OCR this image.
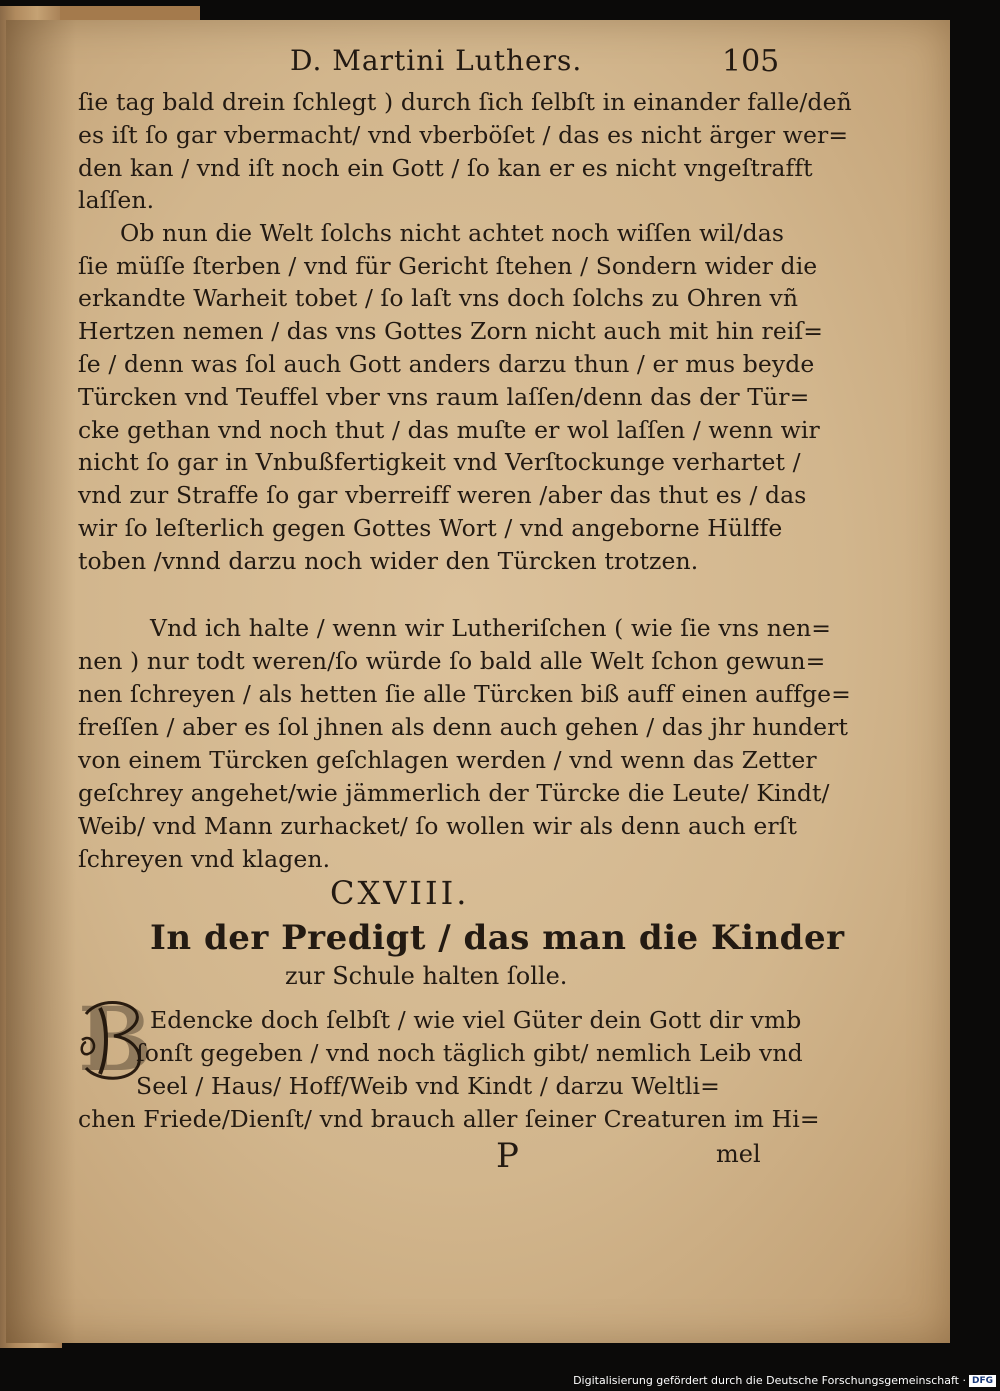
D. Martini Luthers.	105
ſie tag bald drein ſchlegt ) durch ſich ſelbſt in einander falle/deñ
es iſt ſo gar vbermacht/ vnd vberböſet / das es nicht ärger wer=
den kan / vnd iſt noch ein Gott / ſo kan er es nicht vngeſtrafft
laſſen.
Ob nun die Welt ſolchs nicht achtet noch wiſſen wil/das
ſie müſſe ſterben / vnd für Gericht ſtehen / Sondern wider die
erkandte Warheit tobet / ſo laſt vns doch ſolchs zu Ohren vñ
Hertzen nemen / das vns Gottes Zorn nicht auch mit hin reiſ=
ſe / denn was ſol auch Gott anders darzu thun / er mus beyde
Türcken vnd Teuffel vber vns raum laſſen/denn das der Tür=
cke gethan vnd noch thut / das muſte er wol laſſen / wenn wir
nicht ſo gar in Vnbußfertigkeit vnd Verſtockunge verhartet /
vnd zur Straffe ſo gar vberreiff weren /aber das thut es / das
wir ſo leſterlich gegen Gottes Wort / vnd angeborne Hülffe
toben /vnnd darzu noch wider den Türcken trotzen.
Vnd ich halte / wenn wir Lutheriſchen ( wie ſie vns nen=
nen ) nur todt weren/ſo würde ſo bald alle Welt ſchon gewun=
nen ſchreyen / als hetten ſie alle Türcken biß auff einen auffge=
freſſen / aber es ſol jhnen als denn auch gehen / das jhr hundert
von einem Türcken geſchlagen werden / vnd wenn das Zetter
geſchrey angehet/wie jämmerlich der Türcke die Leute/ Kindt/
Weib/ vnd Mann zurhacket/ ſo wollen wir als denn auch erſt
ſchreyen vnd klagen.
CXVIII.
In der Predigt / das man die Kinder
zur Schule halten ſolle.
B
Edencke doch ſelbſt / wie viel Güter dein Gott dir vmb
ſonſt gegeben / vnd noch täglich gibt/ nemlich Leib vnd
Seel / Haus/ Hoff/Weib vnd Kindt / darzu Weltli=
chen Friede/Dienſt/ vnd brauch aller ſeiner Creaturen im Hi=
P	mel
Digitalisierung gefördert durch die Deutsche Forschungsgemeinschaft · DFG
